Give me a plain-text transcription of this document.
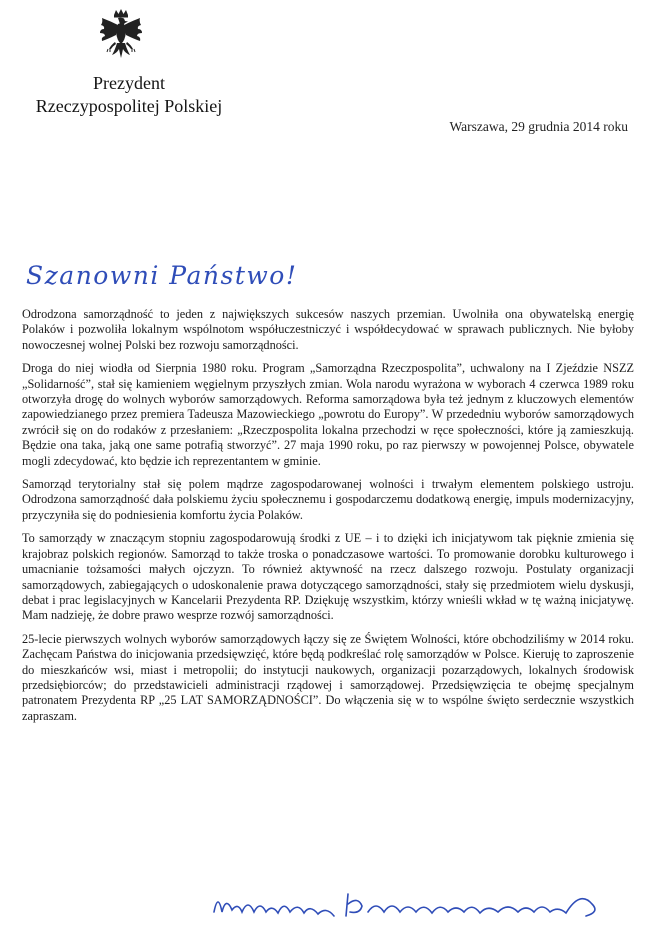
Prezydent
Rzeczypospolitej Polskiej
Warszawa, 29 grudnia 2014 roku
Szanowni Państwo!

Odrodzona samorządność to jeden z największych sukcesów naszych przemian. Uwolniła ona obywatelską energię Polaków i pozwoliła lokalnym wspólnotom współuczestniczyć i współdecydować w sprawach publicznych. Nie byłoby nowoczesnej wolnej Polski bez rozwoju samorządności.

Droga do niej wiodła od Sierpnia 1980 roku. Program „Samorządna Rzeczpospolita”, uchwalony na I Zjeździe NSZZ „Solidarność”, stał się kamieniem węgielnym przyszłych zmian. Wola narodu wyrażona w wyborach 4 czerwca 1989 roku otworzyła drogę do wolnych wyborów samorządowych. Reforma samorządowa była też jednym z kluczowych elementów zapowiedzianego przez premiera Tadeusza Mazowieckiego „powrotu do Europy”. W przededniu wyborów samorządowych zwrócił się on do rodaków z przesłaniem: „Rzeczpospolita lokalna przechodzi w ręce społeczności, które ją zamieszkują. Będzie ona taka, jaką one same potrafią stworzyć”. 27 maja 1990 roku, po raz pierwszy w powojennej Polsce, obywatele mogli zdecydować, kto będzie ich reprezentantem w gminie.

Samorząd terytorialny stał się polem mądrze zagospodarowanej wolności i trwałym elementem polskiego ustroju. Odrodzona samorządność dała polskiemu życiu społecznemu i gospodarczemu dodatkową energię, impuls modernizacyjny, przyczyniła się do podniesienia komfortu życia Polaków.

To samorządy w znaczącym stopniu zagospodarowują środki z UE – i to dzięki ich inicjatywom tak pięknie zmienia się krajobraz polskich regionów. Samorząd to także troska o ponadczasowe wartości. To promowanie dorobku kulturowego i umacnianie tożsamości małych ojczyzn. To również aktywność na rzecz dalszego rozwoju. Postulaty organizacji samorządowych, zabiegających o udoskonalenie prawa dotyczącego samorządności, stały się przedmiotem wielu dyskusji, debat i prac legislacyjnych w Kancelarii Prezydenta RP. Dziękuję wszystkim, którzy wnieśli wkład w tę ważną inicjatywę. Mam nadzieję, że dobre prawo wesprze rozwój samorządności.

25-lecie pierwszych wolnych wyborów samorządowych łączy się ze Świętem Wolności, które obchodziliśmy w 2014 roku. Zachęcam Państwa do inicjowania przedsięwzięć, które będą podkreślać rolę samorządów w Polsce. Kieruję to zaproszenie do mieszkańców wsi, miast i metropolii; do instytucji naukowych, organizacji pozarządowych, lokalnych środowisk przedsiębiorców; do przedstawicieli administracji rządowej i samorządowej. Przedsięwzięcia te obejmę specjalnym patronatem Prezydenta RP „25 LAT SAMORZĄDNOŚCI”. Do włączenia się w to wspólne święto serdecznie wszystkich zapraszam.
